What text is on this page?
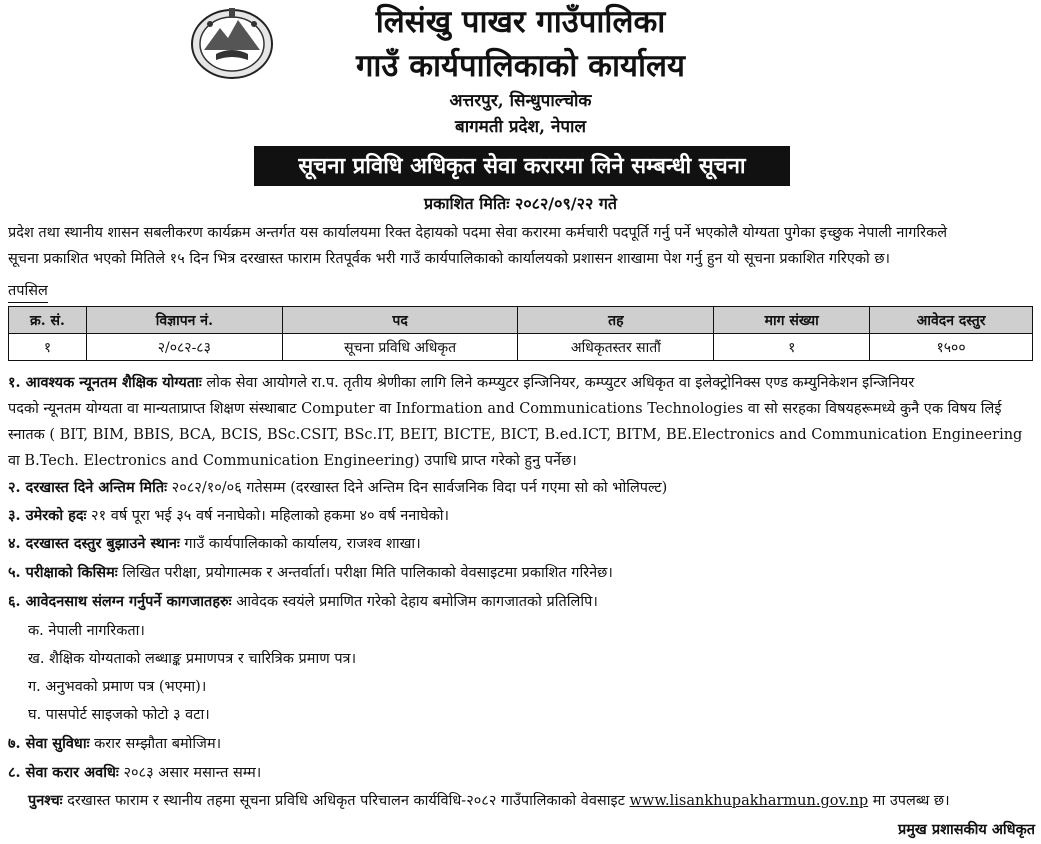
लिसंखु पाखर गाउँपालिका
गाउँ कार्यपालिकाको कार्यालय
अत्तरपुर, सिन्धुपाल्चोक
बागमती प्रदेश, नेपाल
सूचना प्रविधि अधिकृत सेवा करारमा लिने सम्बन्धी सूचना
प्रकाशित मितिः २०८२/०९/२२ गते

प्रदेश तथा स्थानीय शासन सबलीकरण कार्यक्रम अन्तर्गत यस कार्यालयमा रिक्त देहायको पदमा सेवा करारमा कर्मचारी पदपूर्ति गर्नु पर्ने भएकोलै योग्यता पुगेका इच्छुक नेपाली नागरिकले

सूचना प्रकाशित भएको मितिले १५ दिन भित्र दरखास्त फाराम रितपूर्वक भरी गाउँ कार्यपालिकाको कार्यालयको प्रशासन शाखामा पेश गर्नु हुन यो सूचना प्रकाशित गरिएको छ।

तपसिल
क्र. सं.	विज्ञापन नं.	पद	तह	माग संख्या	आवेदन दस्तुर
१	२/०८२-८३	सूचना प्रविधि अधिकृत	अधिकृतस्तर सातौं	१	१५००
१. आवश्यक न्यूनतम शैक्षिक योग्यताः लोक सेवा आयोगले रा.प. तृतीय श्रेणीका लागि लिने कम्प्युटर इन्जिनियर, कम्प्युटर अधिकृत वा इलेक्ट्रोनिक्स एण्ड कम्युनिकेशन इन्जिनियर
पदको न्यूनतम योग्यता वा मान्यताप्राप्त शिक्षण संस्थाबाट Computer वा Information and Communications Technologies वा सो सरहका विषयहरूमध्ये कुनै एक विषय लिई
स्नातक ( BIT, BIM, BBIS, BCA, BCIS, BSc.CSIT, BSc.IT, BEIT, BICTE, BICT, B.ed.ICT, BITM, BE.Electronics and Communication Engineering
वा B.Tech. Electronics and Communication Engineering) उपाधि प्राप्त गरेको हुनु पर्नेछ।
२. दरखास्त दिने अन्तिम मितिः २०८२/१०/०६ गतेसम्म (दरखास्त दिने अन्तिम दिन सार्वजनिक विदा पर्न गएमा सो को भोलिपल्ट)
३. उमेरको हदः २१ वर्ष पूरा भई ३५ वर्ष ननाघेको। महिलाको हकमा ४० वर्ष ननाघेको।
४. दरखास्त दस्तुर बुझाउने स्थानः गाउँ कार्यपालिकाको कार्यालय, राजश्व शाखा।
५. परीक्षाको किसिमः लिखित परीक्षा, प्रयोगात्मक र अन्तर्वार्ता। परीक्षा मिति पालिकाको वेवसाइटमा प्रकाशित गरिनेछ।
६. आवेदनसाथ संलग्न गर्नुपर्ने कागजातहरुः आवेदक स्वयंले प्रमाणित गरेको देहाय बमोजिम कागजातको प्रतिलिपि।
क. नेपाली नागरिकता।
ख. शैक्षिक योग्यताको लब्धाङ्क प्रमाणपत्र र चारित्रिक प्रमाण पत्र।
ग. अनुभवको प्रमाण पत्र (भएमा)।
घ. पासपोर्ट साइजको फोटो ३ वटा।
७. सेवा सुविधाः करार सम्झौता बमोजिम।
८. सेवा करार अवधिः २०८३ असार मसान्त सम्म।
पुनश्चः दरखास्त फाराम र स्थानीय तहमा सूचना प्रविधि अधिकृत परिचालन कार्यविधि-२०८२ गाउँपालिकाको वेवसाइट www.lisankhupakharmun.gov.np मा उपलब्ध छ।
प्रमुख प्रशासकीय अधिकृत
